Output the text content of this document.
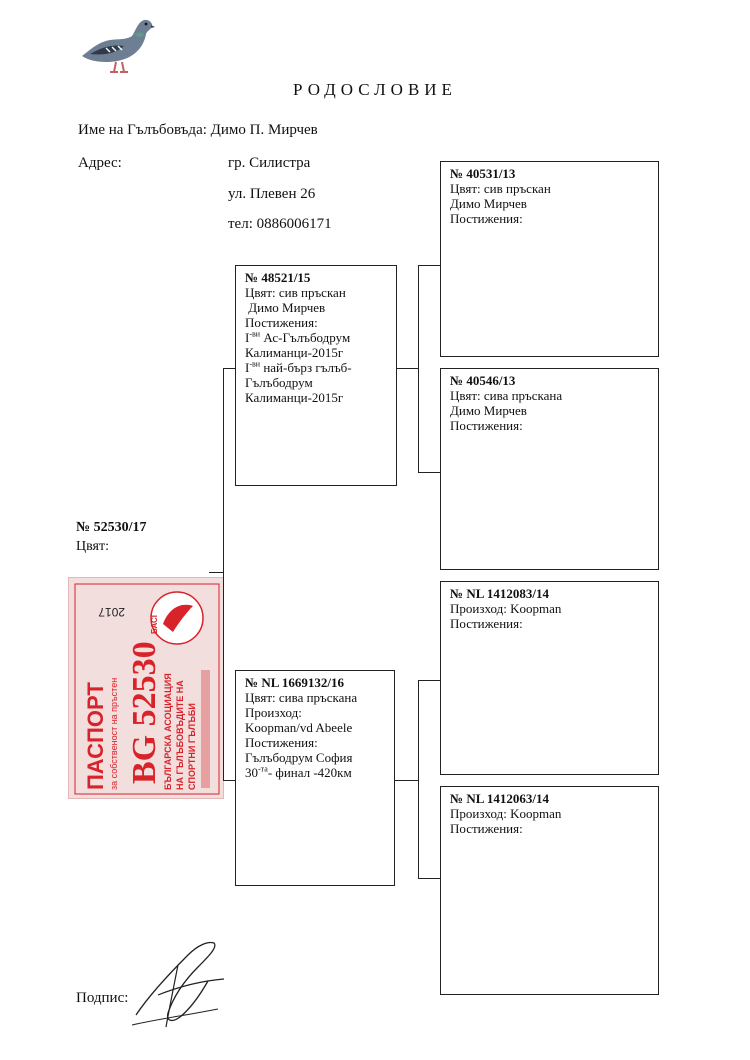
РОДОСЛОВИЕ
Име на Гълъбовъда: Димо П. Мирчев
Адрес:	гр. Силистра
ул. Плевен 26
тел: 0886006171
№ 52530/17
Цвят:
ПАСПОРТ за собственост на пръстен BG 52530 БЪЛГАРСКА АСОЦИАЦИЯ НА ГЪЛЪБОВЪДИТЕ НА СПОРТНИ ГЪЛЪБИ
2017
БАСГ
№ 48521/15
Цвят: сив пръскан
Димо Мирчев
Постижения:
$I^{-ви}$ Ас-Гълъбодрум
Калиманци-2015г
$I^{-ви}$ най-бърз гълъб-
Гълъбодрум
Калиманци-2015г
№ NL 1669132/16
Цвят: сива пръскана
Произход:
Koopman/vd Abeele
Постижения:
Гълъбодрум София
$30^{-та}-$ финал -420км
№ 40531/13
Цвят: сив пръскан
Димо Мирчев
Постижения:
№ 40546/13
Цвят: сива пръскана
Димо Мирчев
Постижения:
№ NL 1412083/14
Произход: Koopman
Постижения:
№ NL 1412063/14
Произход: Koopman
Постижения:
Подпис:
